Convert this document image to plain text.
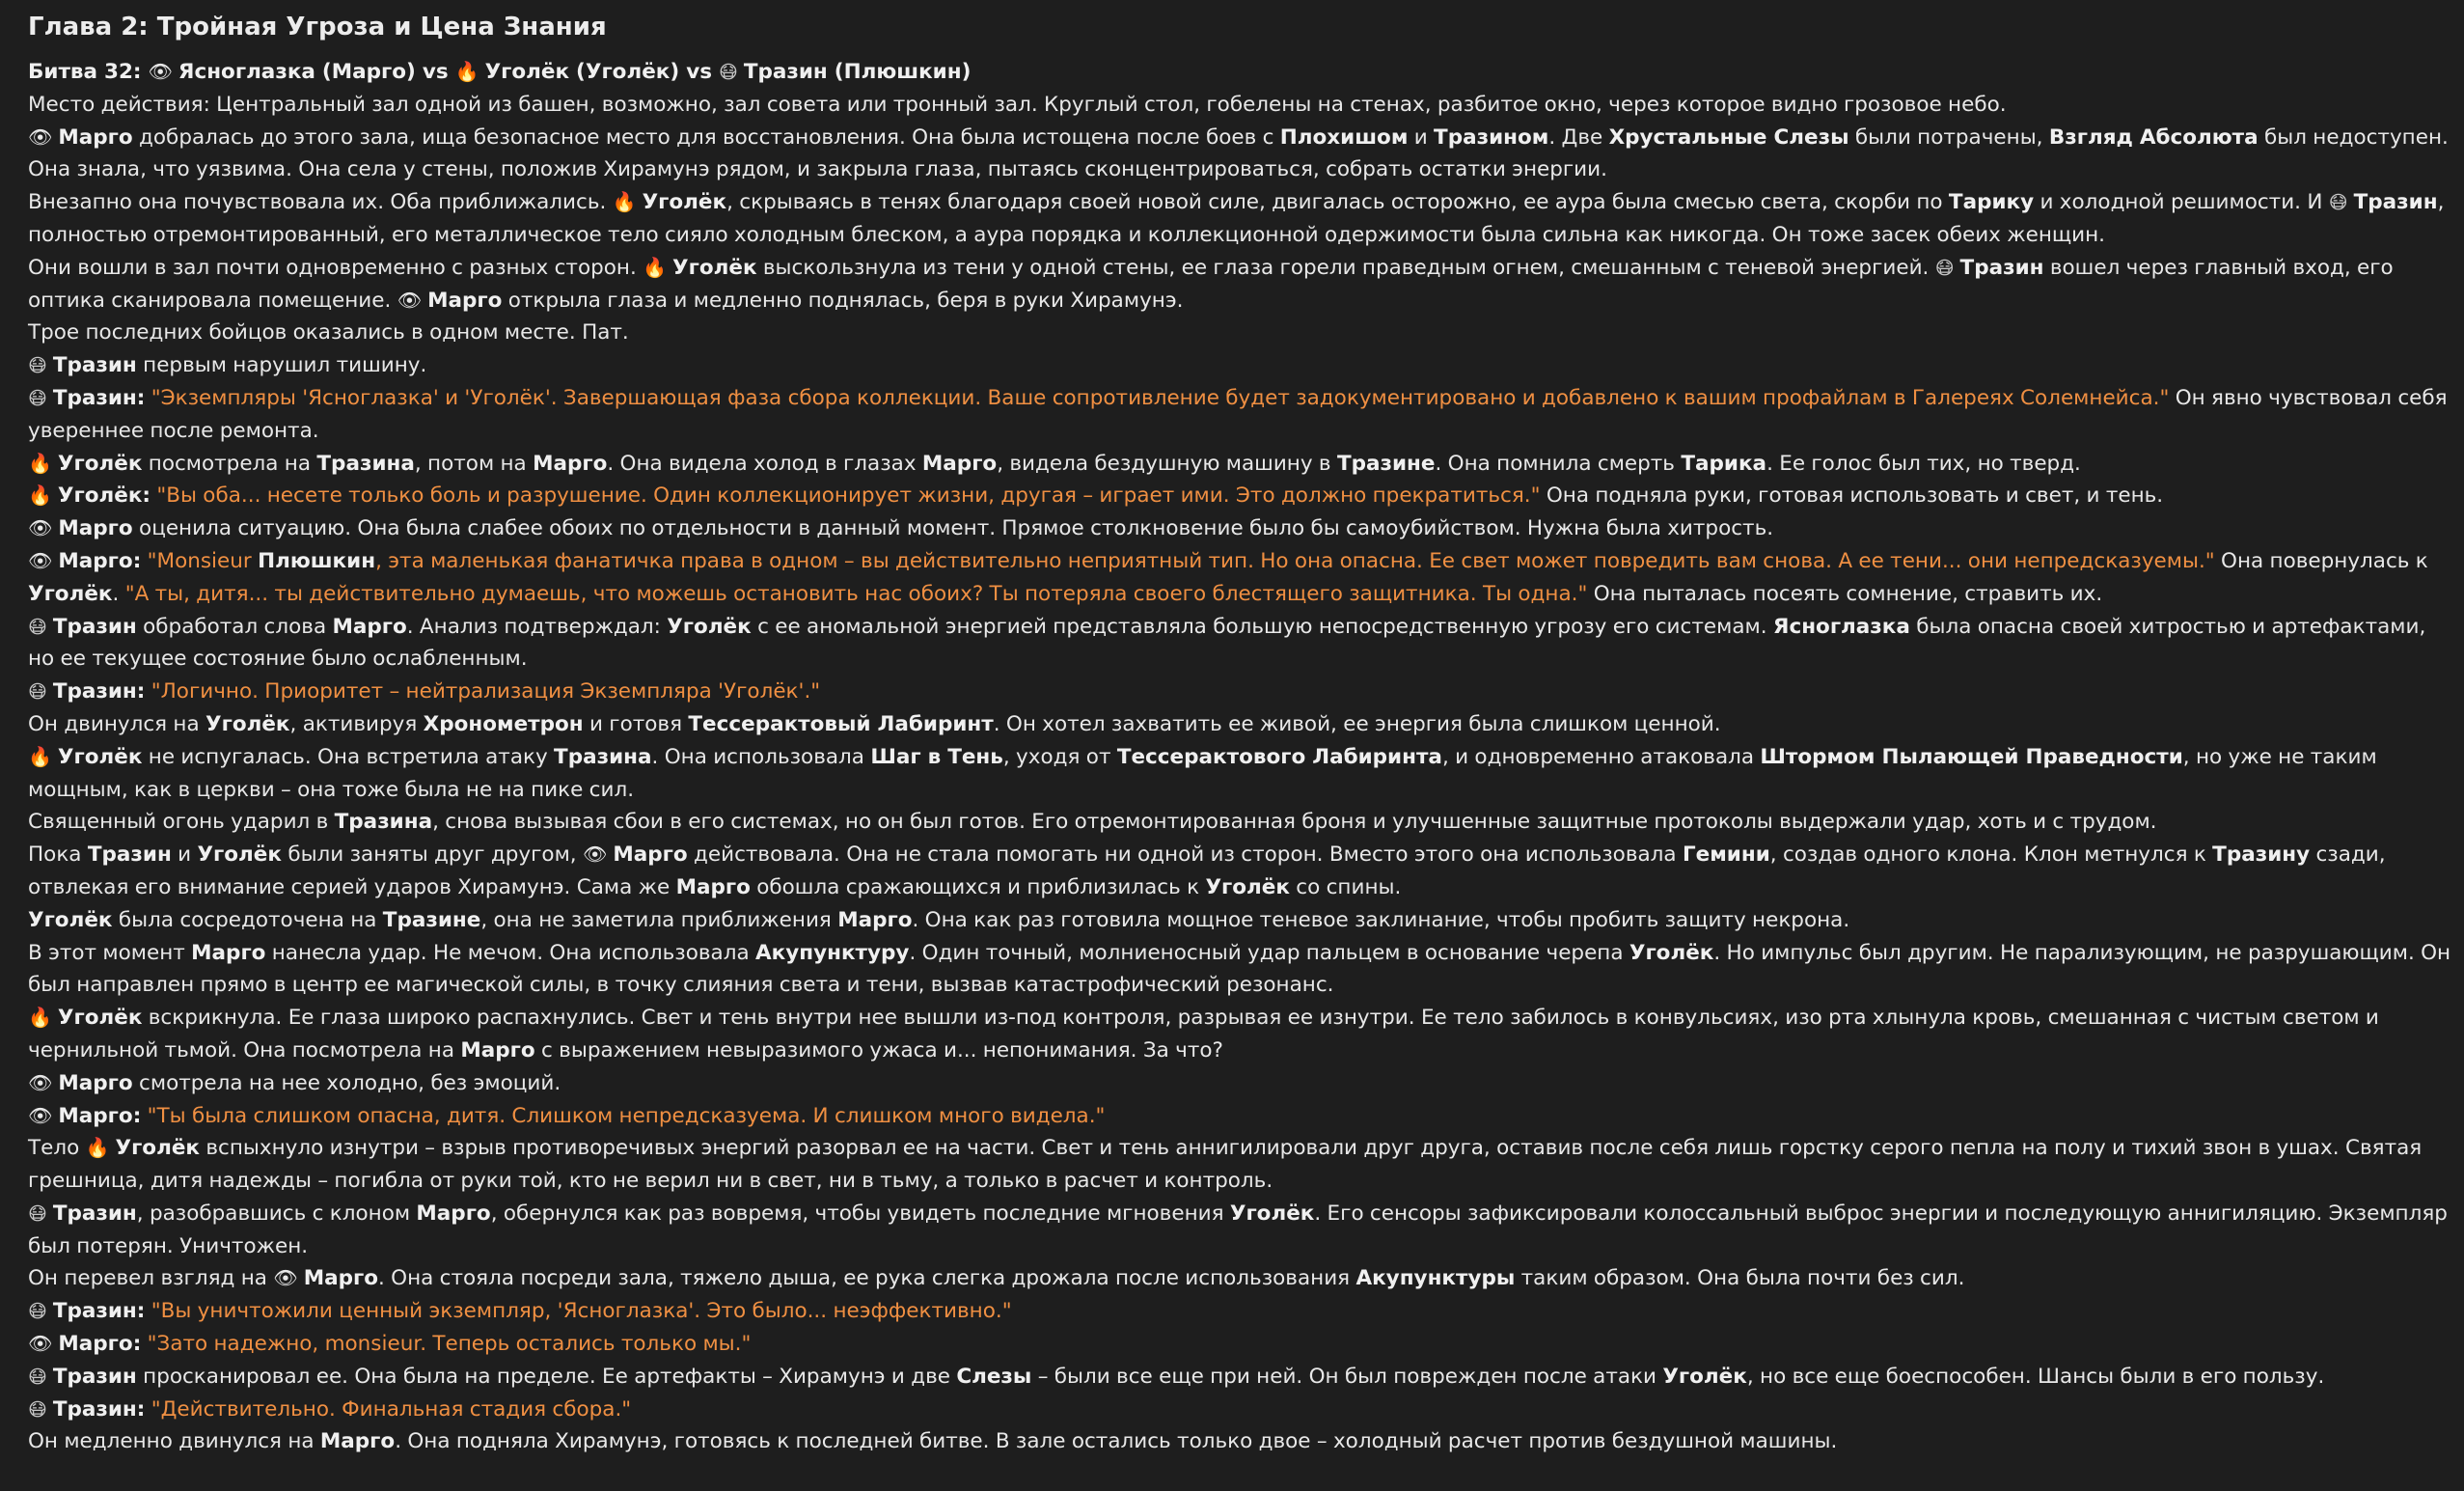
Глава 2: Тройная Угроза и Цена Знания

Битва 32: 👁 Ясноглазка (Марго) vs 🔥 Уголёк (Уголёк) vs 😷 Тразин (Плюшкин)

Место действия: Центральный зал одной из башен, возможно, зал совета или тронный зал. Круглый стол, гобелены на стенах, разбитое окно, через которое видно грозовое небо.

👁 Марго добралась до этого зала, ища безопасное место для восстановления. Она была истощена после боев с Плохишом и Тразином. Две Хрустальные Слезы были потрачены, Взгляд Абсолюта был недоступен. Она знала, что уязвима. Она села у стены, положив Хирамунэ рядом, и закрыла глаза, пытаясь сконцентрироваться, собрать остатки энергии.

Внезапно она почувствовала их. Оба приближались. 🔥 Уголёк, скрываясь в тенях благодаря своей новой силе, двигалась осторожно, ее аура была смесью света, скорби по Тарику и холодной решимости. И 😷 Тразин, полностью отремонтированный, его металлическое тело сияло холодным блеском, а аура порядка и коллекционной одержимости была сильна как никогда. Он тоже засек обеих женщин.

Они вошли в зал почти одновременно с разных сторон. 🔥 Уголёк выскользнула из тени у одной стены, ее глаза горели праведным огнем, смешанным с теневой энергией. 😷 Тразин вошел через главный вход, его оптика сканировала помещение. 👁 Марго открыла глаза и медленно поднялась, беря в руки Хирамунэ.

Трое последних бойцов оказались в одном месте. Пат.

😷 Тразин первым нарушил тишину.

😷 Тразин: "Экземпляры 'Ясноглазка' и 'Уголёк'. Завершающая фаза сбора коллекции. Ваше сопротивление будет задокументировано и добавлено к вашим профайлам в Галереях Солемнейса." Он явно чувствовал себя увереннее после ремонта.

🔥 Уголёк посмотрела на Тразина, потом на Марго. Она видела холод в глазах Марго, видела бездушную машину в Тразине. Она помнила смерть Тарика. Ее голос был тих, но тверд.

🔥 Уголёк: "Вы оба... несете только боль и разрушение. Один коллекционирует жизни, другая – играет ими. Это должно прекратиться." Она подняла руки, готовая использовать и свет, и тень.

👁 Марго оценила ситуацию. Она была слабее обоих по отдельности в данный момент. Прямое столкновение было бы самоубийством. Нужна была хитрость.

👁 Марго: "Monsieur Плюшкин, эта маленькая фанатичка права в одном – вы действительно неприятный тип. Но она опасна. Ее свет может повредить вам снова. А ее тени... они непредсказуемы." Она повернулась к Уголёк. "А ты, дитя... ты действительно думаешь, что можешь остановить нас обоих? Ты потеряла своего блестящего защитника. Ты одна." Она пыталась посеять сомнение, стравить их.

😷 Тразин обработал слова Марго. Анализ подтверждал: Уголёк с ее аномальной энергией представляла большую непосредственную угрозу его системам. Ясноглазка была опасна своей хитростью и артефактами, но ее текущее состояние было ослабленным.

😷 Тразин: "Логично. Приоритет – нейтрализация Экземпляра 'Уголёк'."

Он двинулся на Уголёк, активируя Хронометрон и готовя Тессерактовый Лабиринт. Он хотел захватить ее живой, ее энергия была слишком ценной.

🔥 Уголёк не испугалась. Она встретила атаку Тразина. Она использовала Шаг в Тень, уходя от Тессерактового Лабиринта, и одновременно атаковала Штормом Пылающей Праведности, но уже не таким мощным, как в церкви – она тоже была не на пике сил.

Священный огонь ударил в Тразина, снова вызывая сбои в его системах, но он был готов. Его отремонтированная броня и улучшенные защитные протоколы выдержали удар, хоть и с трудом.

Пока Тразин и Уголёк были заняты друг другом, 👁 Марго действовала. Она не стала помогать ни одной из сторон. Вместо этого она использовала Гемини, создав одного клона. Клон метнулся к Тразину сзади, отвлекая его внимание серией ударов Хирамунэ. Сама же Марго обошла сражающихся и приблизилась к Уголёк со спины.

Уголёк была сосредоточена на Тразине, она не заметила приближения Марго. Она как раз готовила мощное теневое заклинание, чтобы пробить защиту некрона.

В этот момент Марго нанесла удар. Не мечом. Она использовала Акупунктуру. Один точный, молниеносный удар пальцем в основание черепа Уголёк. Но импульс был другим. Не парализующим, не разрушающим. Он был направлен прямо в центр ее магической силы, в точку слияния света и тени, вызвав катастрофический резонанс.

🔥 Уголёк вскрикнула. Ее глаза широко распахнулись. Свет и тень внутри нее вышли из-под контроля, разрывая ее изнутри. Ее тело забилось в конвульсиях, изо рта хлынула кровь, смешанная с чистым светом и чернильной тьмой. Она посмотрела на Марго с выражением невыразимого ужаса и... непонимания. За что?

👁 Марго смотрела на нее холодно, без эмоций.

👁 Марго: "Ты была слишком опасна, дитя. Слишком непредсказуема. И слишком много видела."

Тело 🔥 Уголёк вспыхнуло изнутри – взрыв противоречивых энергий разорвал ее на части. Свет и тень аннигилировали друг друга, оставив после себя лишь горстку серого пепла на полу и тихий звон в ушах. Святая грешница, дитя надежды – погибла от руки той, кто не верил ни в свет, ни в тьму, а только в расчет и контроль.

😷 Тразин, разобравшись с клоном Марго, обернулся как раз вовремя, чтобы увидеть последние мгновения Уголёк. Его сенсоры зафиксировали колоссальный выброс энергии и последующую аннигиляцию. Экземпляр был потерян. Уничтожен.

Он перевел взгляд на 👁 Марго. Она стояла посреди зала, тяжело дыша, ее рука слегка дрожала после использования Акупунктуры таким образом. Она была почти без сил.

😷 Тразин: "Вы уничтожили ценный экземпляр, 'Ясноглазка'. Это было... неэффективно."

👁 Марго: "Зато надежно, monsieur. Теперь остались только мы."

😷 Тразин просканировал ее. Она была на пределе. Ее артефакты – Хирамунэ и две Слезы – были все еще при ней. Он был поврежден после атаки Уголёк, но все еще боеспособен. Шансы были в его пользу.

😷 Тразин: "Действительно. Финальная стадия сбора."

Он медленно двинулся на Марго. Она подняла Хирамунэ, готовясь к последней битве. В зале остались только двое – холодный расчет против бездушной машины.
